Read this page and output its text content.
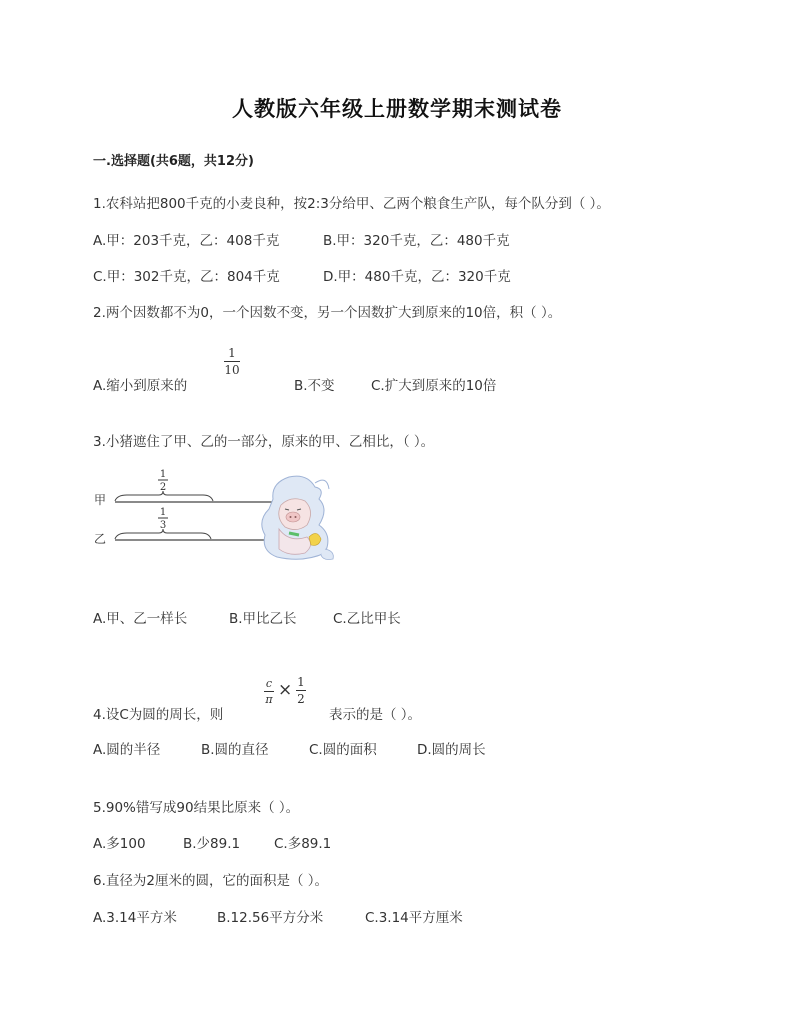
人教版六年级上册数学期末测试卷
一.选择题(共6题，共12分)
1.农科站把800千克的小麦良种，按2:3分给甲、乙两个粮食生产队，每个队分到（ ）。
A.甲：203千克，乙：408千克	B.甲：320千克，乙：480千克
C.甲：302千克，乙：804千克	D.甲：480千克，乙：320千克
2.两个因数都不为0，一个因数不变，另一个因数扩大到原来的10倍，积（ ）。
A.缩小到原来的
1
10
B.不变	C.扩大到原来的10倍
3.小猪遮住了甲、乙的一部分，原来的甲、乙相比，（ ）。
甲
乙
1
2
1
3
A.甲、乙一样长	B.甲比乙长	C.乙比甲长
4.设C为圆的周长，则
c
π × 1
2
表示的是（ ）。
A.圆的半径	B.圆的直径	C.圆的面积	D.圆的周长
5.90%错写成90结果比原来（ ）。
A.多100	B.少89.1	C.多89.1
6.直径为2厘米的圆，它的面积是（ ）。
A.3.14平方米	B.12.56平方分米	C.3.14平方厘米
